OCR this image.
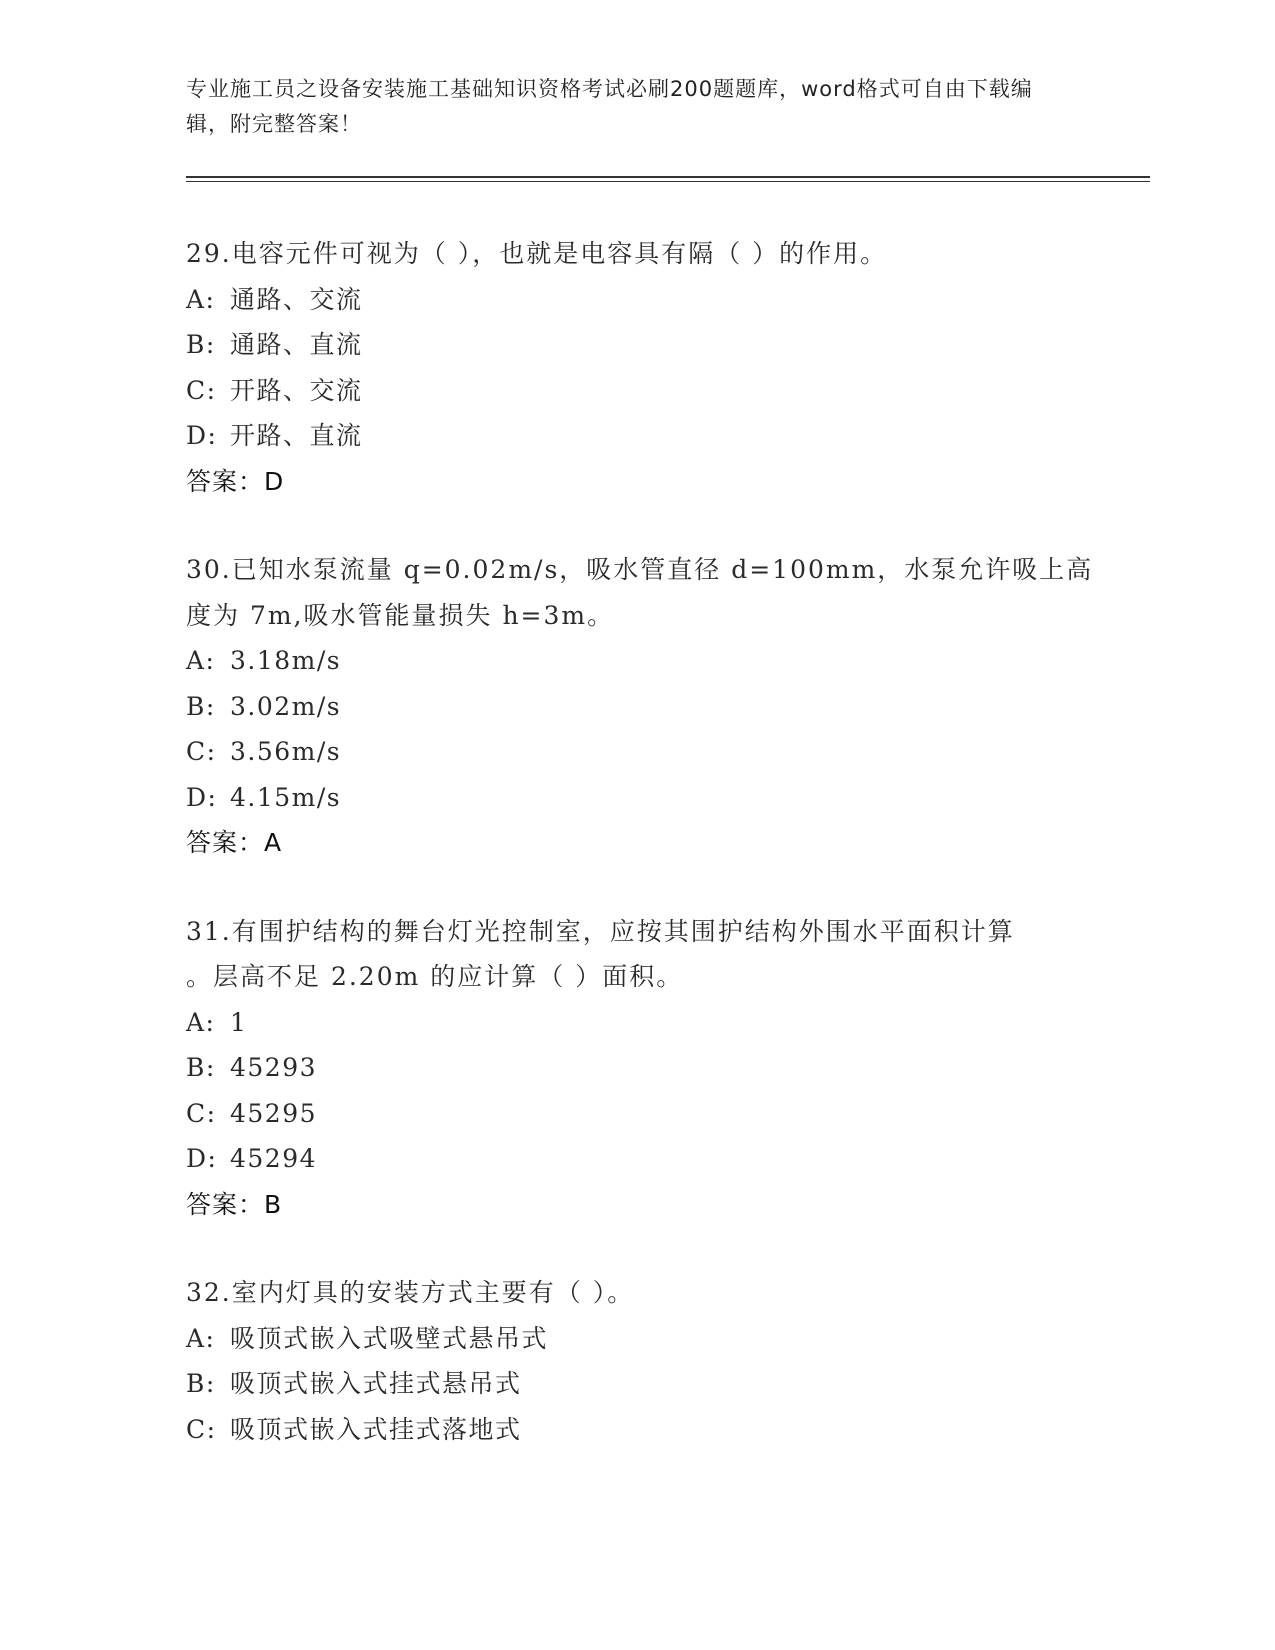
专业施工员之设备安装施工基础知识资格考试必刷200题题库，word格式可自由下载编辑，附完整答案！
29.电容元件可视为（ ），也就是电容具有隔（ ）的作用。
A: 通路、交流
B: 通路、直流
C: 开路、交流
D: 开路、直流
答案：D
30.已知水泵流量 q=0.02m/s，吸水管直径 d=100mm，水泵允许吸上高
度为 7m,吸水管能量损失 h=3m。
A: 3.18m/s
B: 3.02m/s
C: 3.56m/s
D: 4.15m/s
答案：A
31.有围护结构的舞台灯光控制室，应按其围护结构外围水平面积计算
。层高不足 2.20m 的应计算（ ）面积。
A: 1
B: 45293
C: 45295
D: 45294
答案：B
32.室内灯具的安装方式主要有（ ）。
A: 吸顶式嵌入式吸壁式悬吊式
B: 吸顶式嵌入式挂式悬吊式
C: 吸顶式嵌入式挂式落地式
